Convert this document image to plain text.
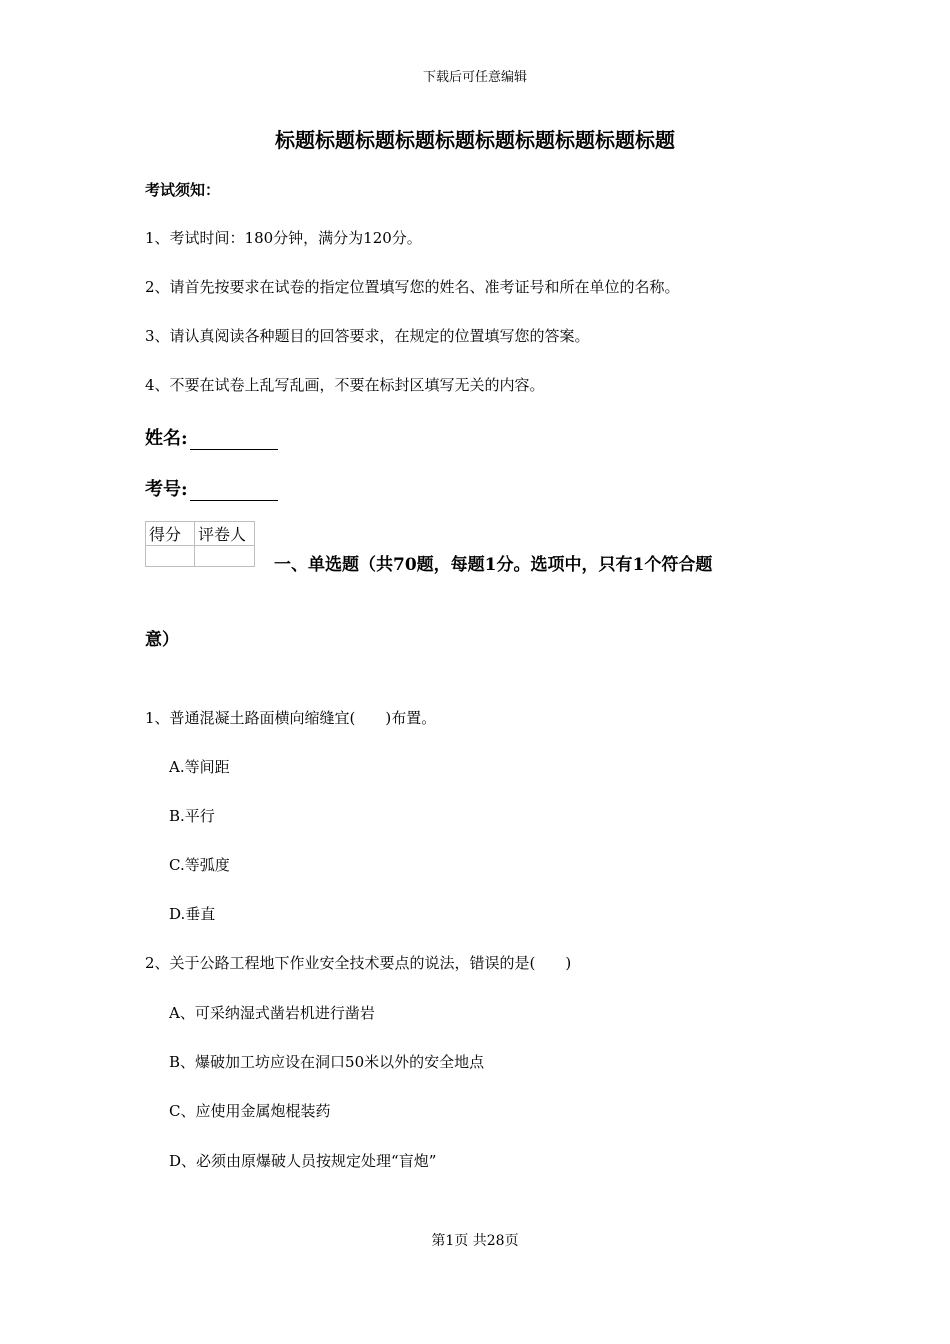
下载后可任意编辑
标题标题标题标题标题标题标题标题标题标题
考试须知：
1、考试时间：180分钟，满分为120分。
2、请首先按要求在试卷的指定位置填写您的姓名、准考证号和所在单位的名称。
3、请认真阅读各种题目的回答要求，在规定的位置填写您的答案。
4、不要在试卷上乱写乱画，不要在标封区填写无关的内容。
姓名:
考号:
得分	评卷人

一、单选题（共70题，每题1分。选项中，只有1个符合题
意）
1、普通混凝土路面横向缩缝宜(　　)布置。
A.等间距
B.平行
C.等弧度
D.垂直
2、关于公路工程地下作业安全技术要点的说法，错误的是(　　)
A、可采纳湿式凿岩机进行凿岩
B、爆破加工坊应设在洞口50米以外的安全地点
C、应使用金属炮棍装药
D、必须由原爆破人员按规定处理“盲炮”
第1页 共28页
